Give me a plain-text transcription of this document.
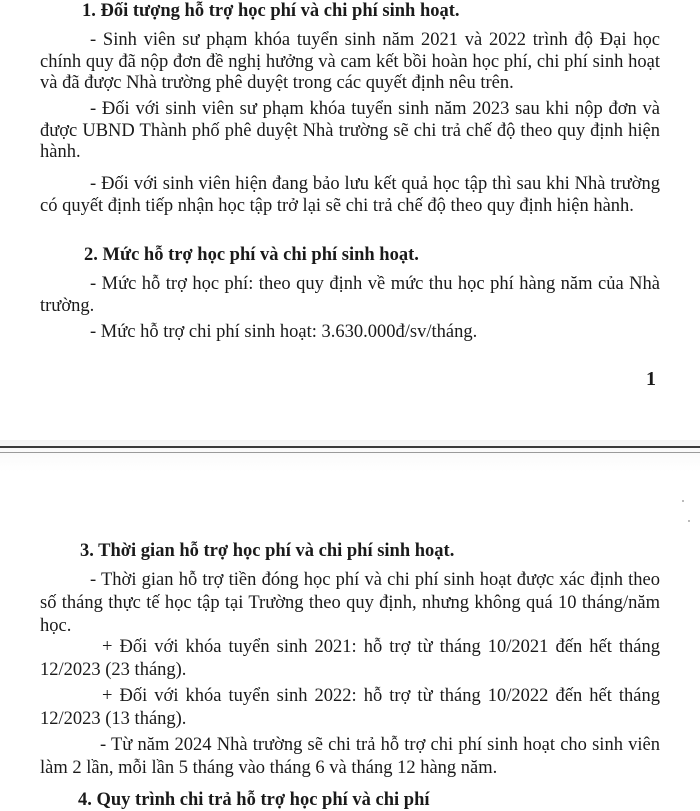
1. Đối tượng hỗ trợ học phí và chi phí sinh hoạt.
- Sinh viên sư phạm khóa tuyển sinh năm 2021 và 2022 trình độ Đại học chính quy đã nộp đơn đề nghị hưởng và cam kết bồi hoàn học phí, chi phí sinh hoạt và đã được Nhà trường phê duyệt trong các quyết định nêu trên.
- Đối với sinh viên sư phạm khóa tuyển sinh năm 2023 sau khi nộp đơn và được UBND Thành phố phê duyệt Nhà trường sẽ chi trả chế độ theo quy định hiện hành.
- Đối với sinh viên hiện đang bảo lưu kết quả học tập thì sau khi Nhà trường có quyết định tiếp nhận học tập trở lại sẽ chi trả chế độ theo quy định hiện hành.
2. Mức hỗ trợ học phí và chi phí sinh hoạt.
- Mức hỗ trợ học phí: theo quy định về mức thu học phí hàng năm của Nhà trường.
- Mức hỗ trợ chi phí sinh hoạt: 3.630.000đ/sv/tháng.
1
3. Thời gian hỗ trợ học phí và chi phí sinh hoạt.
- Thời gian hỗ trợ tiền đóng học phí và chi phí sinh hoạt được xác định theo số tháng thực tế học tập tại Trường theo quy định, nhưng không quá 10 tháng/năm học.
+ Đối với khóa tuyển sinh 2021: hỗ trợ từ tháng 10/2021 đến hết tháng 12/2023 (23 tháng).
+ Đối với khóa tuyển sinh 2022: hỗ trợ từ tháng 10/2022 đến hết tháng 12/2023 (13 tháng).
- Từ năm 2024 Nhà trường sẽ chi trả hỗ trợ chi phí sinh hoạt cho sinh viên làm 2 lần, mỗi lần 5 tháng vào tháng 6 và tháng 12 hàng năm.
4. Quy trình chi trả hỗ trợ học phí và chi phí
